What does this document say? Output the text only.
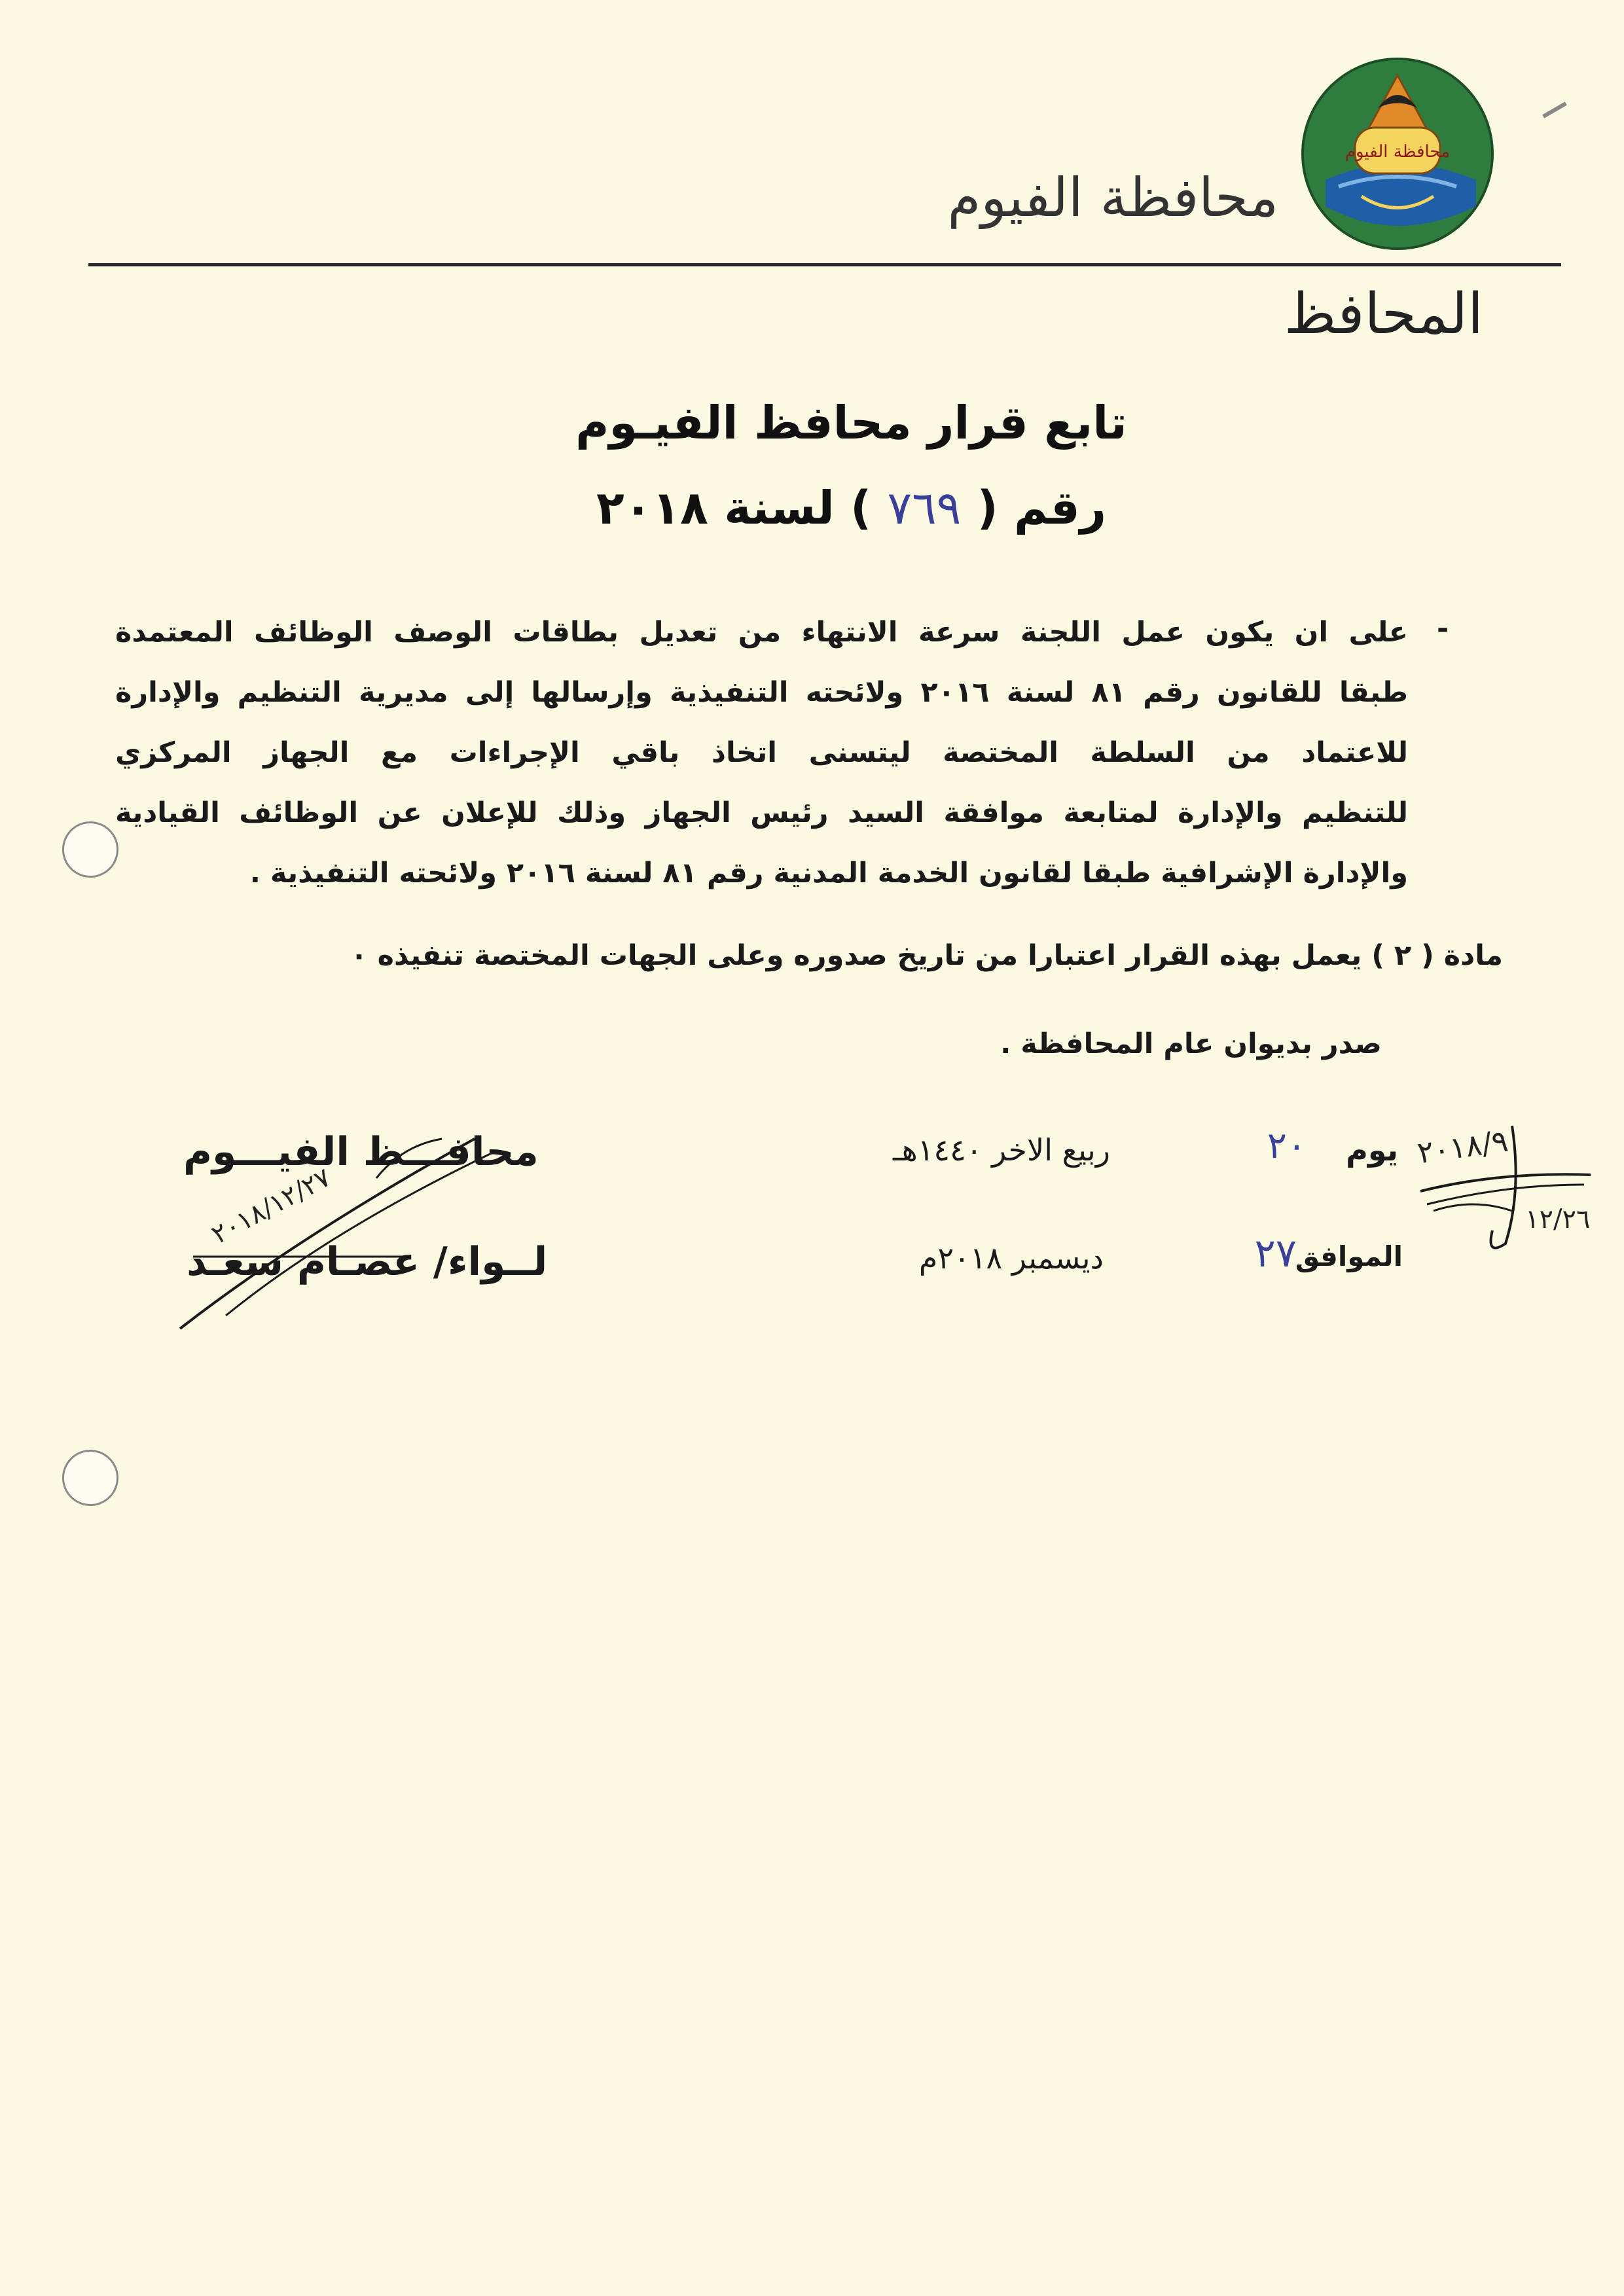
محافظة الفيوم
محافظة الفيوم
المحافظ
تابع قرار محافظ الفيـوم
رقم ( ٧٦٩ ) لسنة ٢٠١٨
-
على ان يكون عمل اللجنة سرعة الانتهاء من تعديل بطاقات الوصف الوظائف المعتمدة
طبقا للقانون رقم ٨١ لسنة ٢٠١٦ ولائحته التنفيذية وإرسالها إلى مديرية التنظيم والإدارة
للاعتماد من السلطة المختصة ليتسنى اتخاذ باقي الإجراءات مع الجهاز المركزي
للتنظيم والإدارة لمتابعة موافقة السيد رئيس الجهاز وذلك للإعلان عن الوظائف القيادية
والإدارة الإشرافية طبقا لقانون الخدمة المدنية رقم ٨١ لسنة ٢٠١٦ ولائحته التنفيذية .
مادة ( ٢ ) يعمل بهذه القرار اعتبارا من تاريخ صدوره وعلى الجهات المختصة تنفيذه ٠
صدر بديوان عام المحافظة .
يوم
٢٠
ربيع الاخر ١٤٤٠هـ
الموافق
٢٧
ديسمبر ٢٠١٨م
محافـــظ الفيـــوم
لــواء/ عصـام سعـد
٢٠١٨/١٢/٢٧
٢٠١٨/٩
١٢/٢٦
